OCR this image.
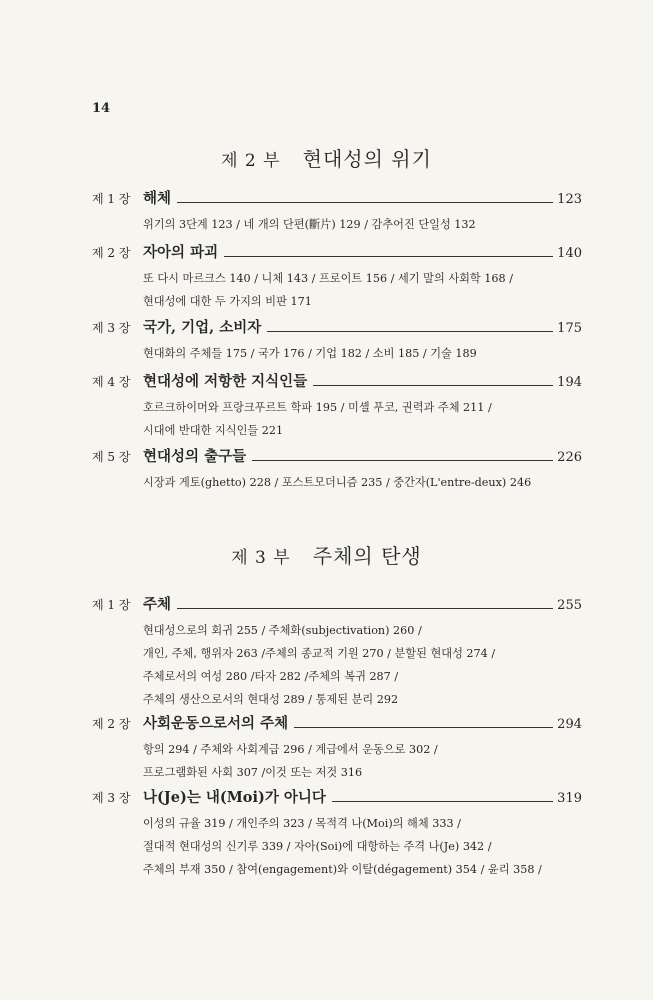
14
제 2 부 현대성의 위기
제 1 장 해체	123
위기의 3단계 123 / 네 개의 단편(斷片) 129 / 감추어진 단일성 132
제 2 장 자아의 파괴	140
또 다시 마르크스 140 / 니체 143 / 프로이트 156 / 세기 말의 사회학 168 /
현대성에 대한 두 가지의 비판 171
제 3 장 국가, 기업, 소비자	175
현대화의 주체들 175 / 국가 176 / 기업 182 / 소비 185 / 기술 189
제 4 장 현대성에 저항한 지식인들	194
호르크하이머와 프랑크푸르트 학파 195 / 미셸 푸코, 권력과 주체 211 /
시대에 반대한 지식인들 221
제 5 장 현대성의 출구들	226
시장과 게토(ghetto) 228 / 포스트모더니즘 235 / 중간자(L'entre-deux) 246
제 3 부 주체의 탄생
제 1 장 주체	255
현대성으로의 회귀 255 / 주체화(subjectivation) 260 /
개인, 주체, 행위자 263 /주체의 종교적 기원 270 / 분할된 현대성 274 /
주체로서의 여성 280 /타자 282 /주체의 복귀 287 /
주체의 생산으로서의 현대성 289 / 통제된 분리 292
제 2 장 사회운동으로서의 주체	294
항의 294 / 주체와 사회계급 296 / 계급에서 운동으로 302 /
프로그램화된 사회 307 /이것 또는 저것 316
제 3 장 나(Je)는 내(Moi)가 아니다	319
이성의 규율 319 / 개인주의 323 / 목적격 나(Moi)의 해체 333 /
절대적 현대성의 신기루 339 / 자아(Soi)에 대항하는 주격 나(Je) 342 /
주체의 부재 350 / 참여(engagement)와 이탈(dégagement) 354 / 윤리 358 /
